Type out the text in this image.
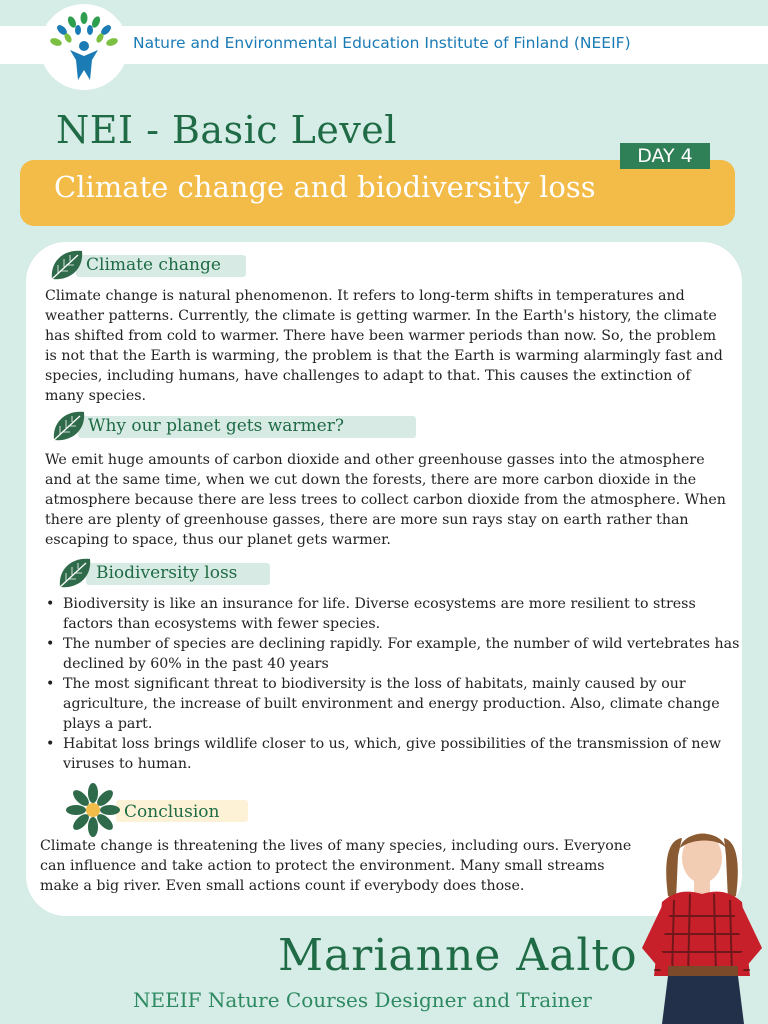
Nature and Environmental Education Institute of Finland (NEEIF)
NEI - Basic Level
Climate change and biodiversity loss
DAY 4
Climate change
Climate change is natural phenomenon. It refers to long-term shifts in temperatures and weather patterns. Currently, the climate is getting warmer. In the Earth's history, the climate has shifted from cold to warmer. There have been warmer periods than now. So, the problem is not that the Earth is warming, the problem is that the Earth is warming alarmingly fast and species, including humans, have challenges to adapt to that. This causes the extinction of many species.
Why our planet gets warmer?
We emit huge amounts of carbon dioxide and other greenhouse gasses into the atmosphere and at the same time, when we cut down the forests, there are more carbon dioxide in the atmosphere because there are less trees to collect carbon dioxide from the atmosphere. When there are plenty of greenhouse gasses, there are more sun rays stay on earth rather than escaping to space, thus our planet gets warmer.
Biodiversity loss
• Biodiversity is like an insurance for life. Diverse ecosystems are more resilient to stress factors than ecosystems with fewer species.
• The number of species are declining rapidly. For example, the number of wild vertebrates has declined by 60% in the past 40 years
• The most significant threat to biodiversity is the loss of habitats, mainly caused by our agriculture, the increase of built environment and energy production. Also, climate change plays a part.
• Habitat loss brings wildlife closer to us, which, give possibilities of the transmission of new viruses to human.
Conclusion
Climate change is threatening the lives of many species, including ours. Everyone can influence and take action to protect the environment. Many small streams make a big river. Even small actions count if everybody does those.
Marianne Aalto
NEEIF Nature Courses Designer and Trainer
